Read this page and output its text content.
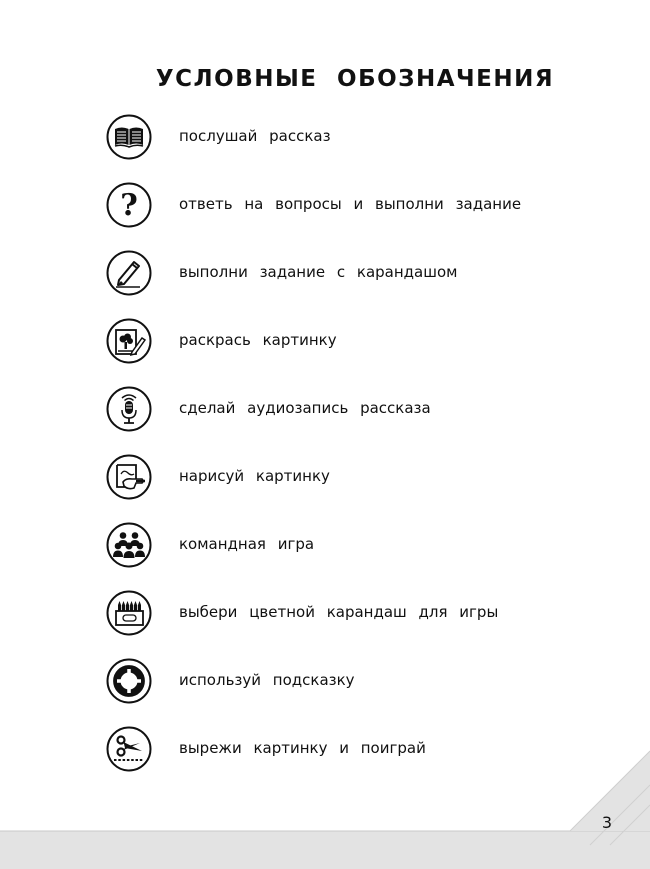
УСЛОВНЫЕ ОБОЗНАЧЕНИЯ
послушай рассказ
?	ответь на вопросы и выполни задание
выполни задание с карандашом
раскрась картинку
сделай аудиозапись рассказа
нарисуй картинку
командная игра
выбери цветной карандаш для игры
используй подсказку
вырежи картинку и поиграй
3
